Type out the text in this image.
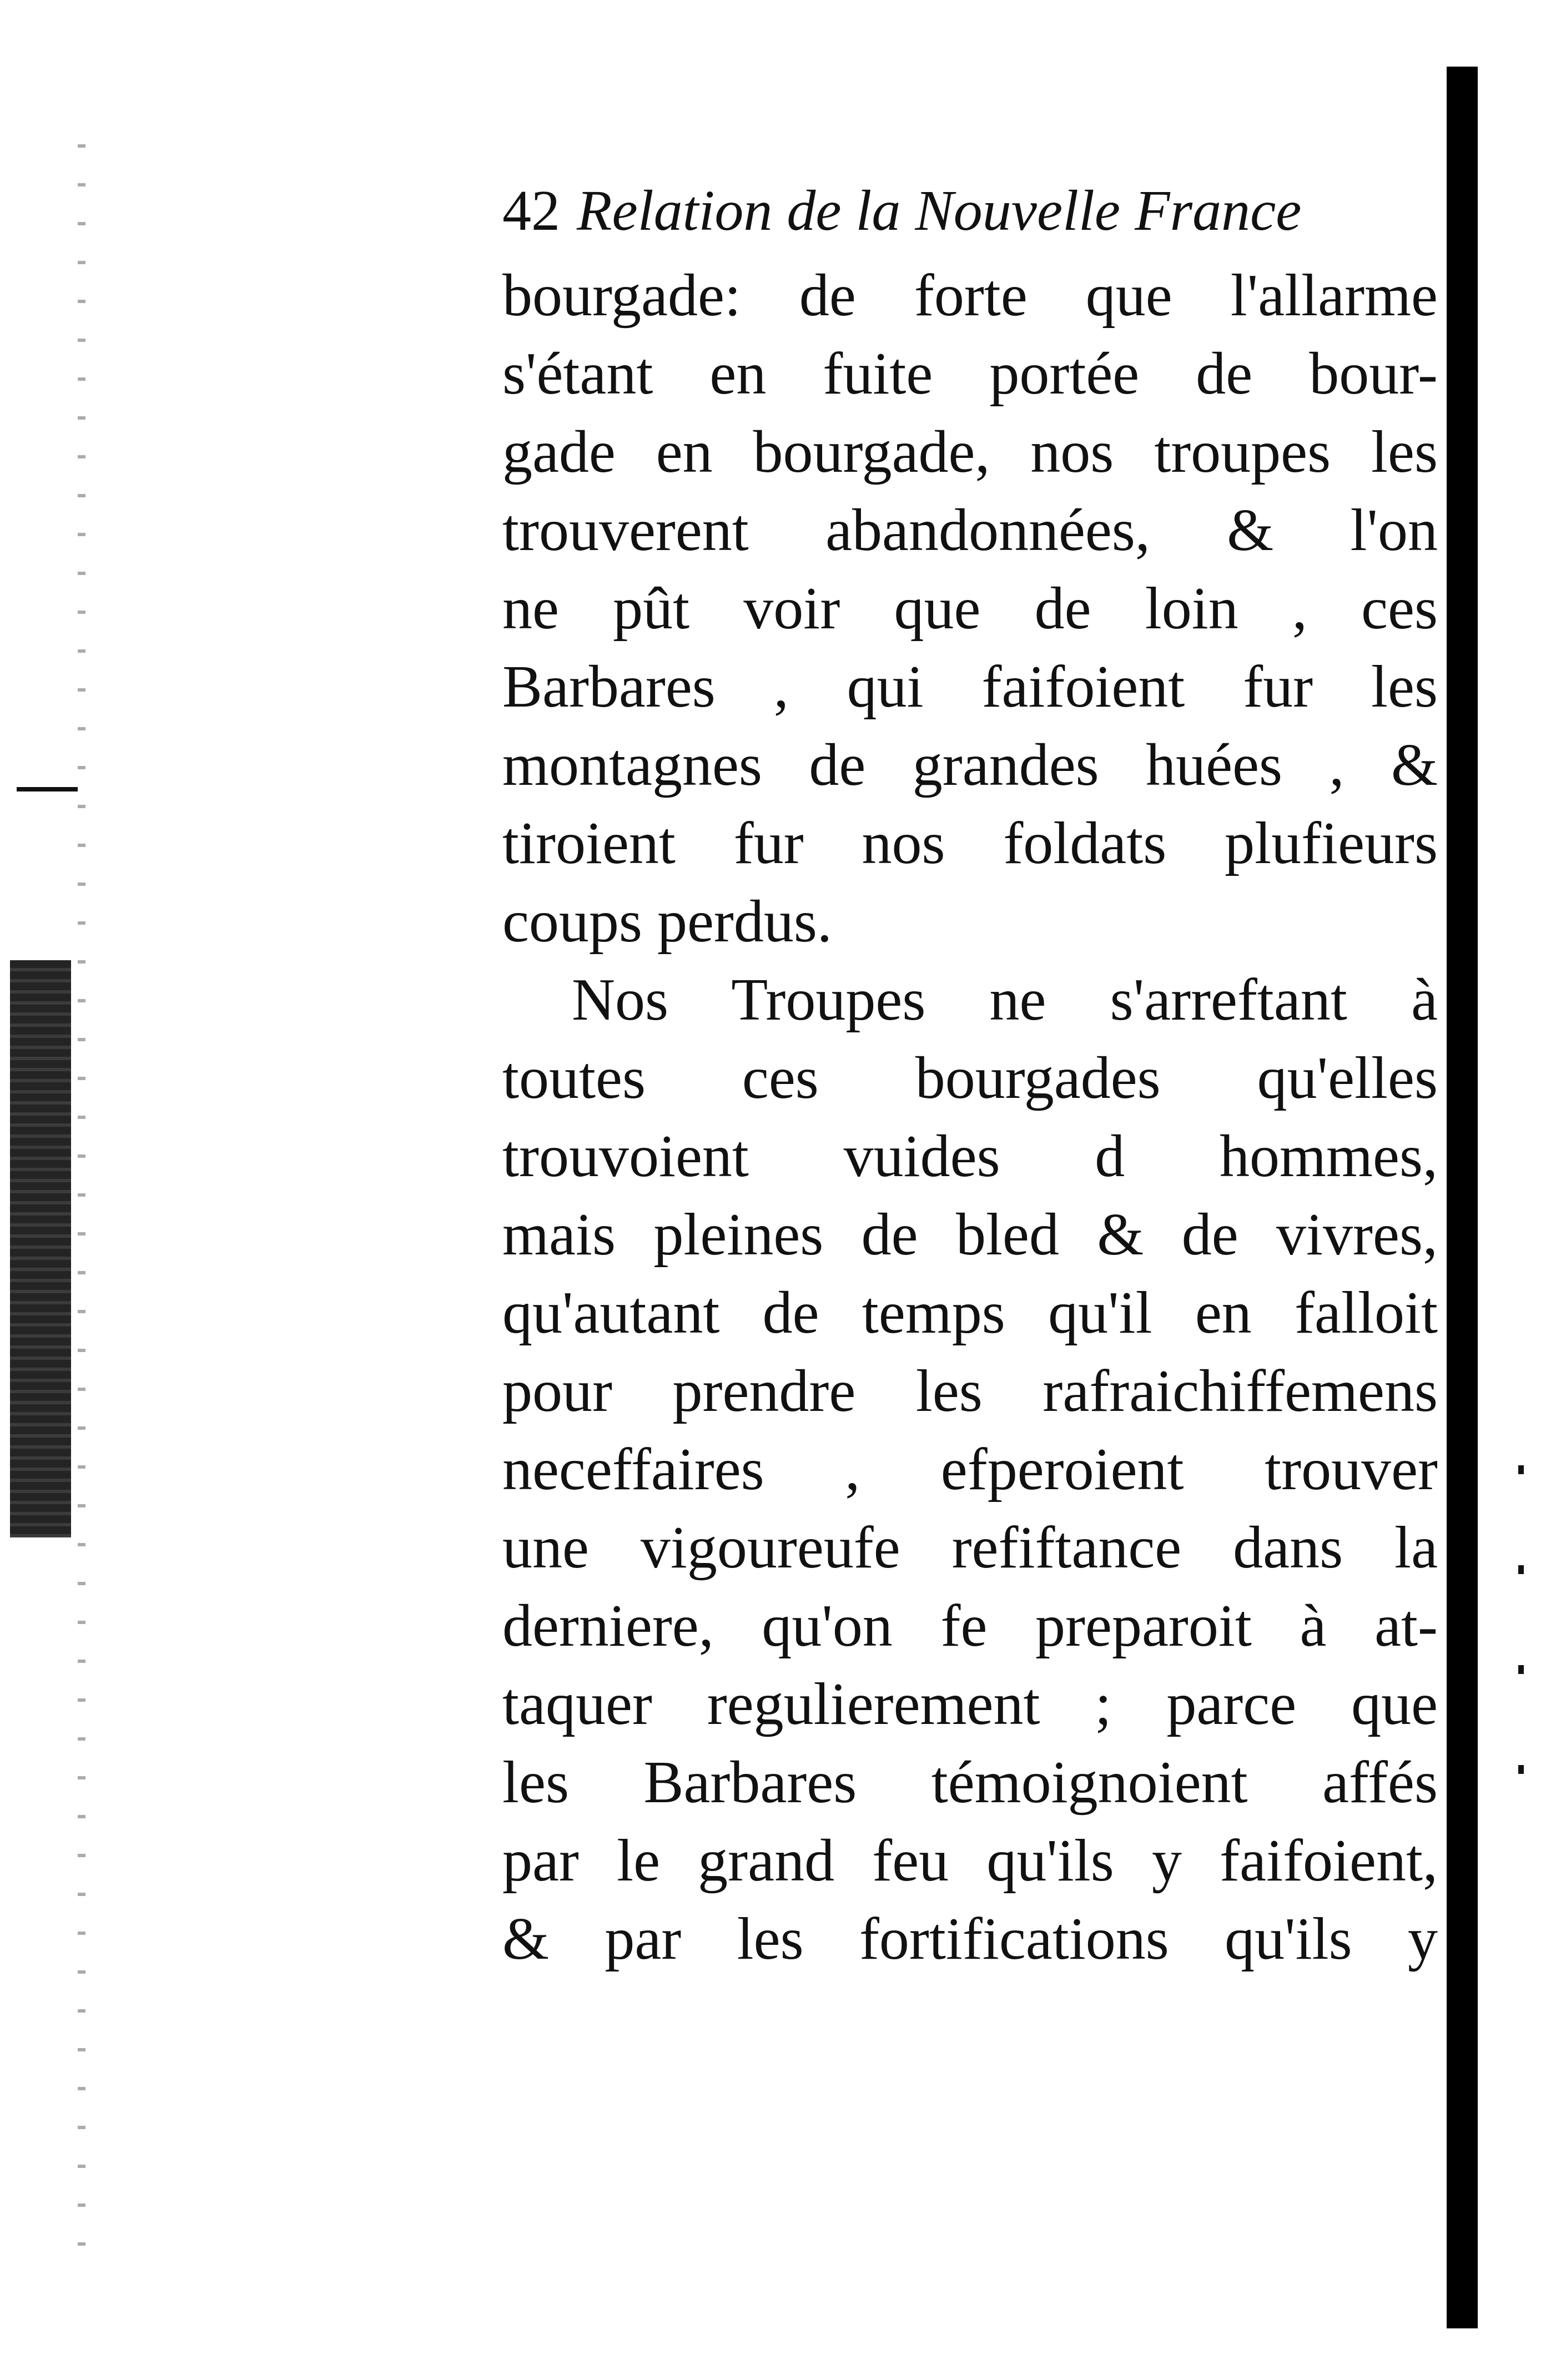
42 Relation de la Nouvelle France
bourgade: de forte que l'allarme
s'étant en fuite portée de bour-
gade en bourgade, nos troupes les
trouverent abandonnées, & l'on
ne pût voir que de loin , ces
Barbares , qui faifoient fur les
montagnes de grandes huées , &
tiroient fur nos foldats plufieurs
coups perdus.
Nos Troupes ne s'arreftant à
toutes ces bourgades qu'elles
trouvoient vuides d hommes,
mais pleines de bled & de vivres,
qu'autant de temps qu'il en falloit
pour prendre les rafraichiffemens
neceffaires , efperoient trouver
une vigoureufe refiftance dans la
derniere, qu'on fe preparoit à at-
taquer regulierement ; parce que
les Barbares témoignoient affés
par le grand feu qu'ils y faifoient,
& par les fortifications qu'ils y
